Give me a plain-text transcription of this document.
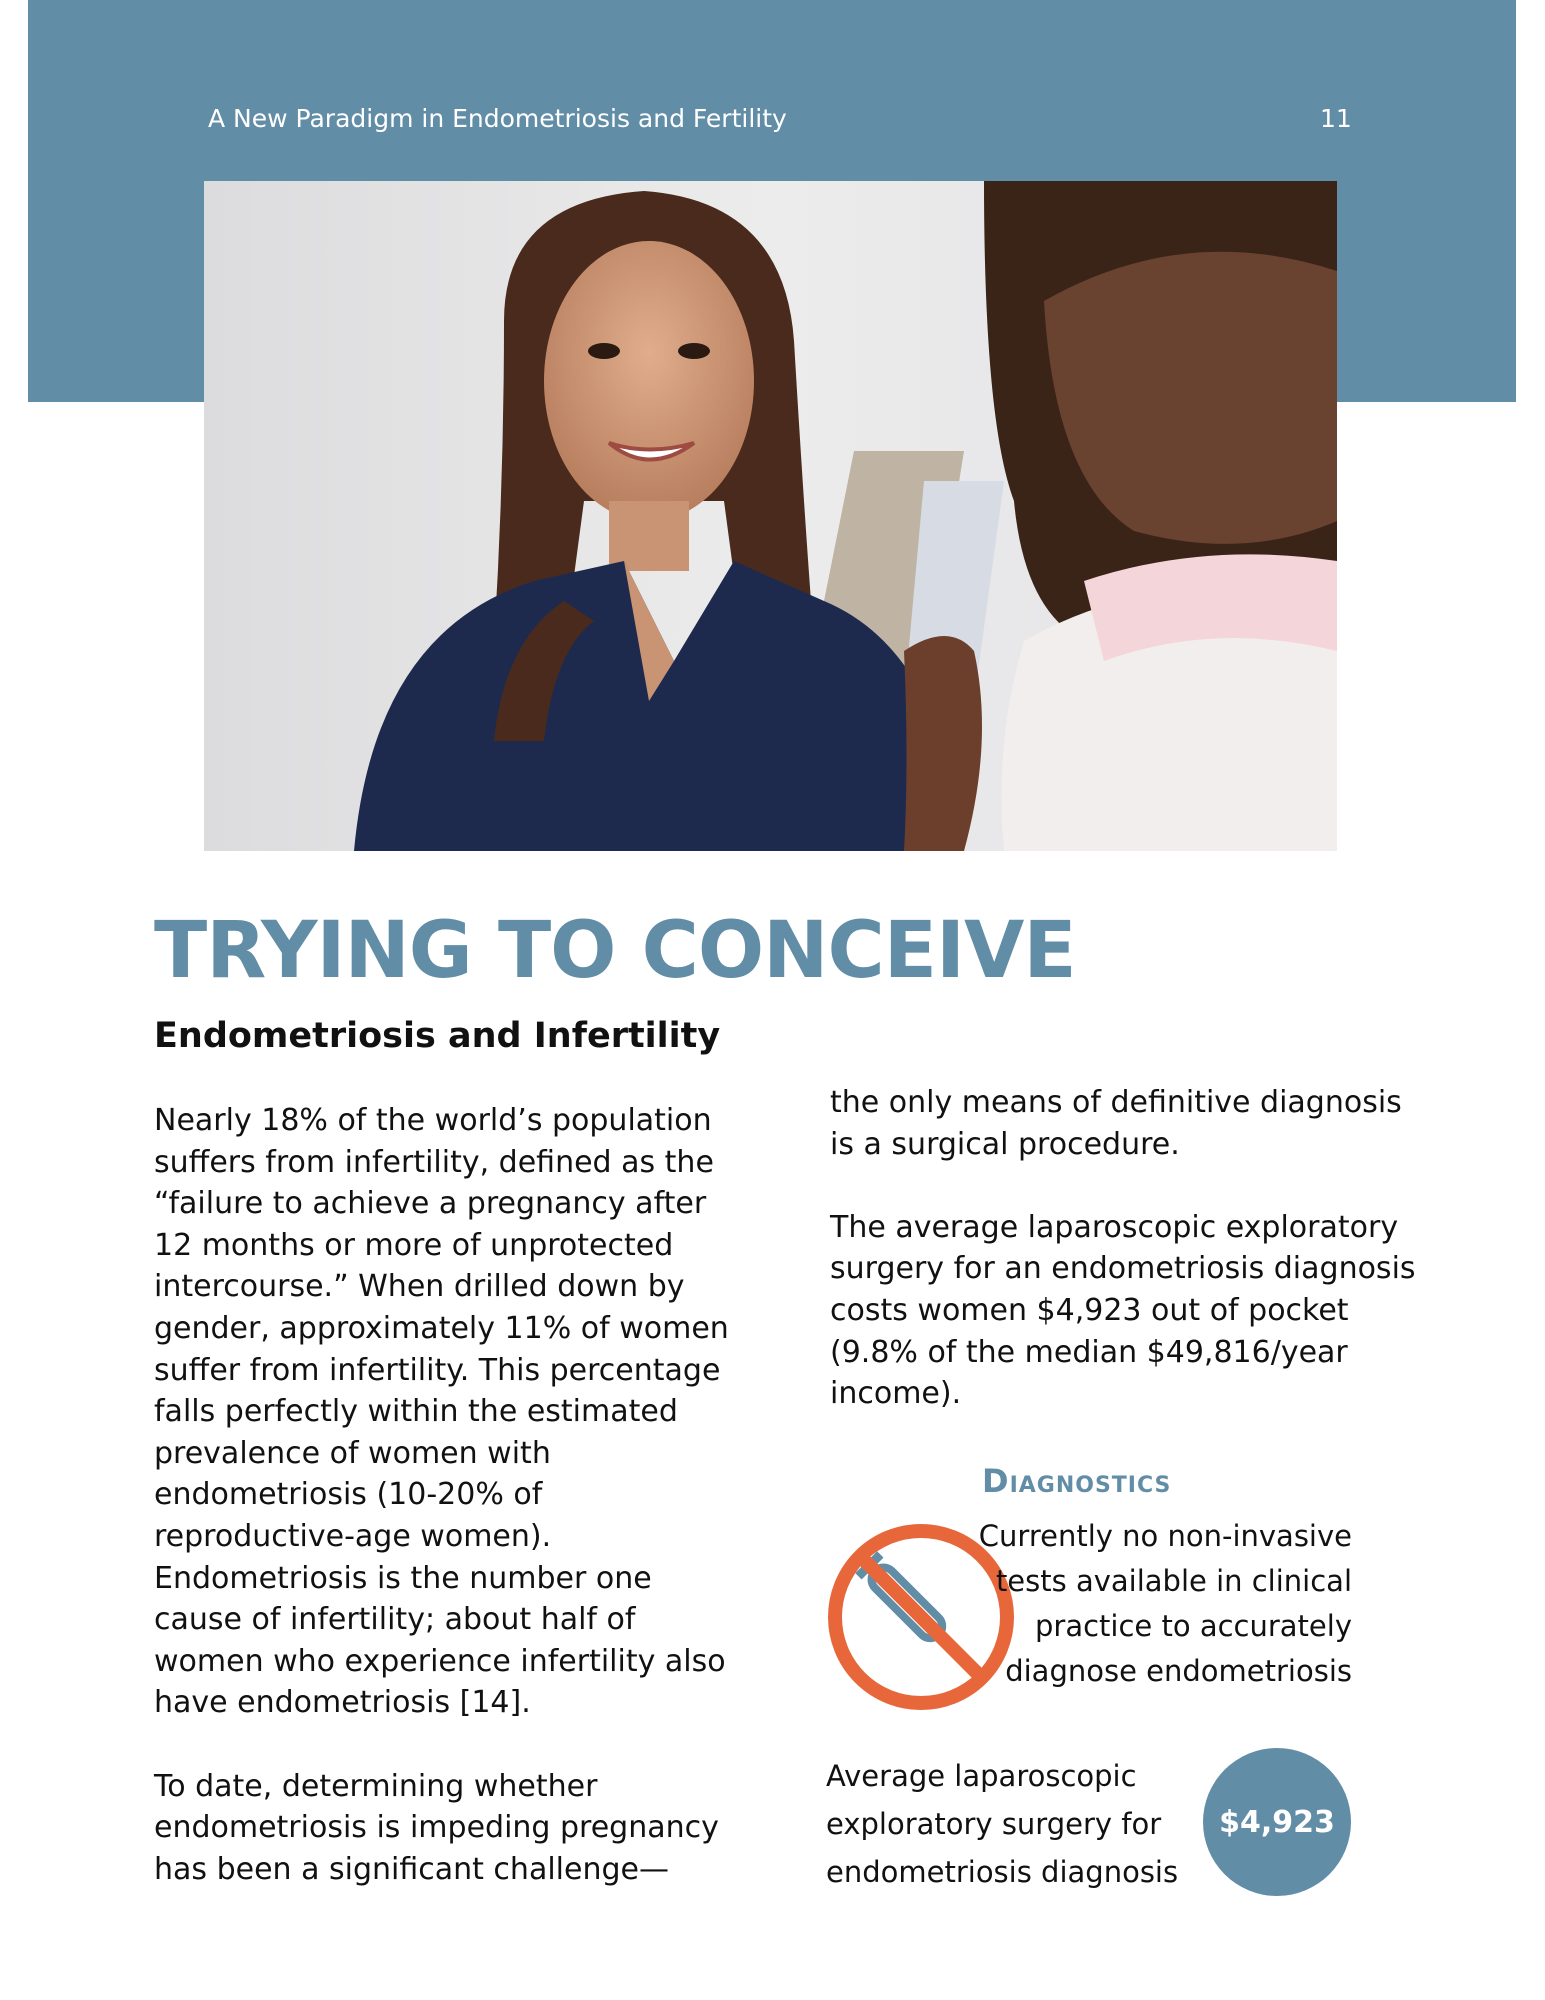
A New Paradigm in Endometriosis and Fertility	11
TRYING TO CONCEIVE
Endometriosis and Infertility

Nearly 18% of the world’s population suffers from infertility, defined as the “failure to achieve a pregnancy after 12 months or more of unprotected intercourse.” When drilled down by gender, approximately 11% of women suffer from infertility. This percentage falls perfectly within the estimated prevalence of women with endometriosis (10-20% of reproductive-age women). Endometriosis is the number one cause of infertility; about half of women who experience infertility also have endometriosis [14].

To date, determining whether endometriosis is impeding pregnancy has been a significant challenge—

the only means of definitive diagnosis is a surgical procedure.

The average laparoscopic exploratory surgery for an endometriosis diagnosis costs women $4,923 out of pocket (9.8% of the median $49,816/year income).

Diagnostics
Currently no non-invasive tests available in clinical practice to accurately diagnose endometriosis
Average laparoscopic exploratory surgery for endometriosis diagnosis
$4,923
